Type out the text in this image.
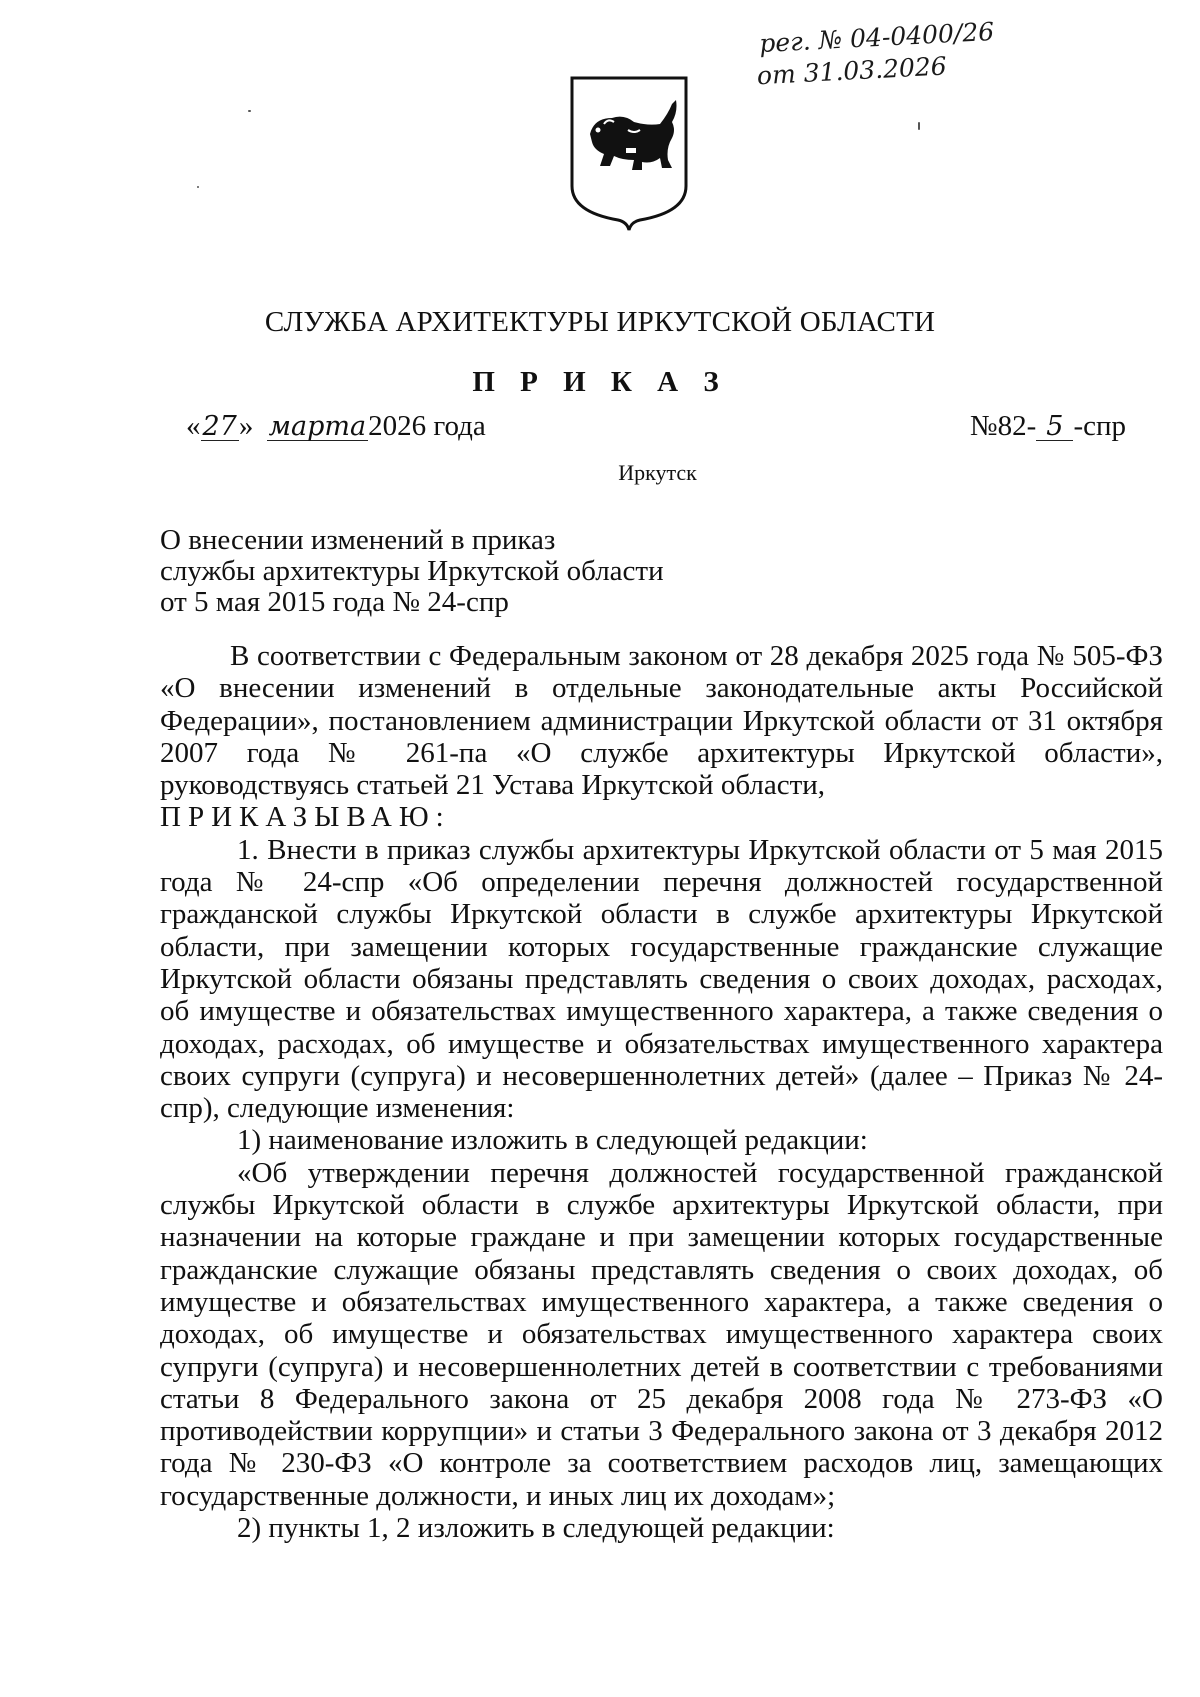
рег. № 04-0400/26
от 31.03.2026
СЛУЖБА АРХИТЕКТУРЫ ИРКУТСКОЙ ОБЛАСТИ
П Р И К А З
«27» марта2026 года	№82- 5 -спр
Иркутск
О внесении изменений в приказ
службы архитектуры Иркутской области
от 5 мая 2015 года № 24-спр

В соответствии с Федеральным законом от 28 декабря 2025 года № 505-ФЗ «О внесении изменений в отдельные законодательные акты Российской Федерации», постановлением администрации Иркутской области от 31 октября 2007 года № 261-па «О службе архитектуры Иркутской области», руководствуясь статьей 21 Устава Иркутской области,

ПРИКАЗЫВАЮ:

1. Внести в приказ службы архитектуры Иркутской области от 5 мая 2015 года № 24-спр «Об определении перечня должностей государственной гражданской службы Иркутской области в службе архитектуры Иркутской области, при замещении которых государственные гражданские служащие Иркутской области обязаны представлять сведения о своих доходах, расходах, об имуществе и обязательствах имущественного характера, а также сведения о доходах, расходах, об имуществе и обязательствах имущественного характера своих супруги (супруга) и несовершеннолетних детей» (далее – Приказ № 24-спр), следующие изменения:

1) наименование изложить в следующей редакции:

«Об утверждении перечня должностей государственной гражданской службы Иркутской области в службе архитектуры Иркутской области, при назначении на которые граждане и при замещении которых государственные гражданские служащие обязаны представлять сведения о своих доходах, об имуществе и обязательствах имущественного характера, а также сведения о доходах, об имуществе и обязательствах имущественного характера своих супруги (супруга) и несовершеннолетних детей в соответствии с требованиями статьи 8 Федерального закона от 25 декабря 2008 года № 273-ФЗ «О противодействии коррупции» и статьи 3 Федерального закона от 3 декабря 2012 года № 230-ФЗ «О контроле за соответствием расходов лиц, замещающих государственные должности, и иных лиц их доходам»;

2) пункты 1, 2 изложить в следующей редакции:
